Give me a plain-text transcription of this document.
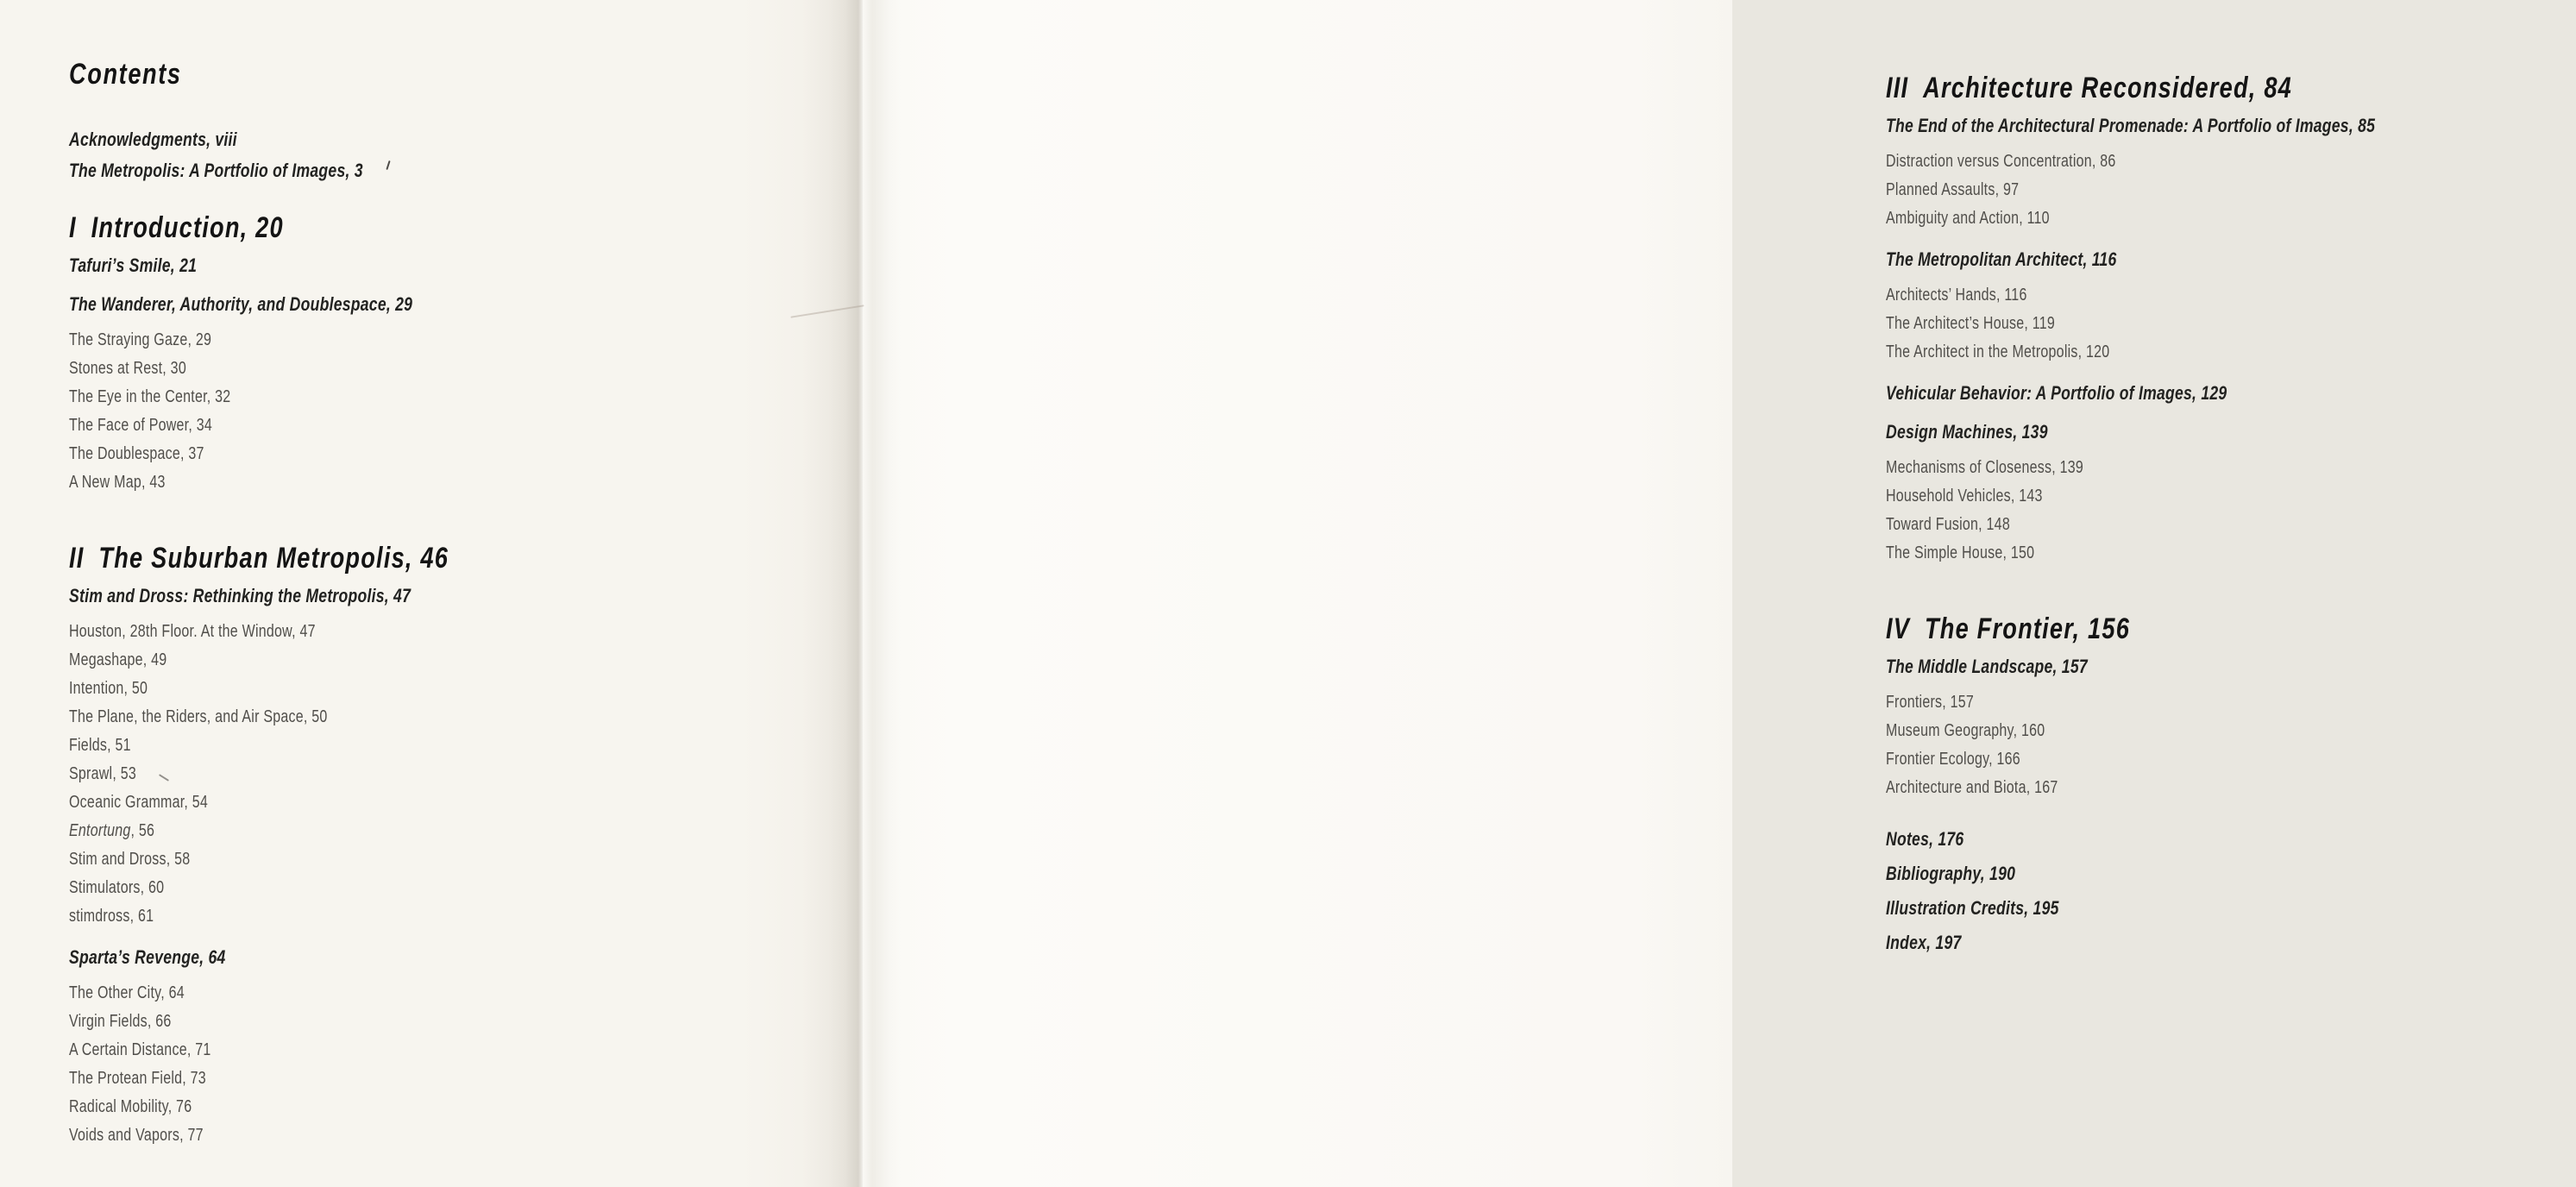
Contents
Acknowledgments, viii
The Metropolis: A Portfolio of Images, 3
I Introduction, 20
Tafuri’s Smile, 21
The Wanderer, Authority, and Doublespace, 29
The Straying Gaze, 29
Stones at Rest, 30
The Eye in the Center, 32
The Face of Power, 34
The Doublespace, 37
A New Map, 43
II The Suburban Metropolis, 46
Stim and Dross: Rethinking the Metropolis, 47
Houston, 28th Floor. At the Window, 47
Megashape, 49
Intention, 50
The Plane, the Riders, and Air Space, 50
Fields, 51
Sprawl, 53
Oceanic Grammar, 54
Entortung, 56
Stim and Dross, 58
Stimulators, 60
stimdross, 61
Sparta’s Revenge, 64
The Other City, 64
Virgin Fields, 66
A Certain Distance, 71
The Protean Field, 73
Radical Mobility, 76
Voids and Vapors, 77
III Architecture Reconsidered, 84
The End of the Architectural Promenade: A Portfolio of Images, 85
Distraction versus Concentration, 86
Planned Assaults, 97
Ambiguity and Action, 110
The Metropolitan Architect, 116
Architects’ Hands, 116
The Architect’s House, 119
The Architect in the Metropolis, 120
Vehicular Behavior: A Portfolio of Images, 129
Design Machines, 139
Mechanisms of Closeness, 139
Household Vehicles, 143
Toward Fusion, 148
The Simple House, 150
IV The Frontier, 156
The Middle Landscape, 157
Frontiers, 157
Museum Geography, 160
Frontier Ecology, 166
Architecture and Biota, 167
Notes, 176
Bibliography, 190
Illustration Credits, 195
Index, 197
